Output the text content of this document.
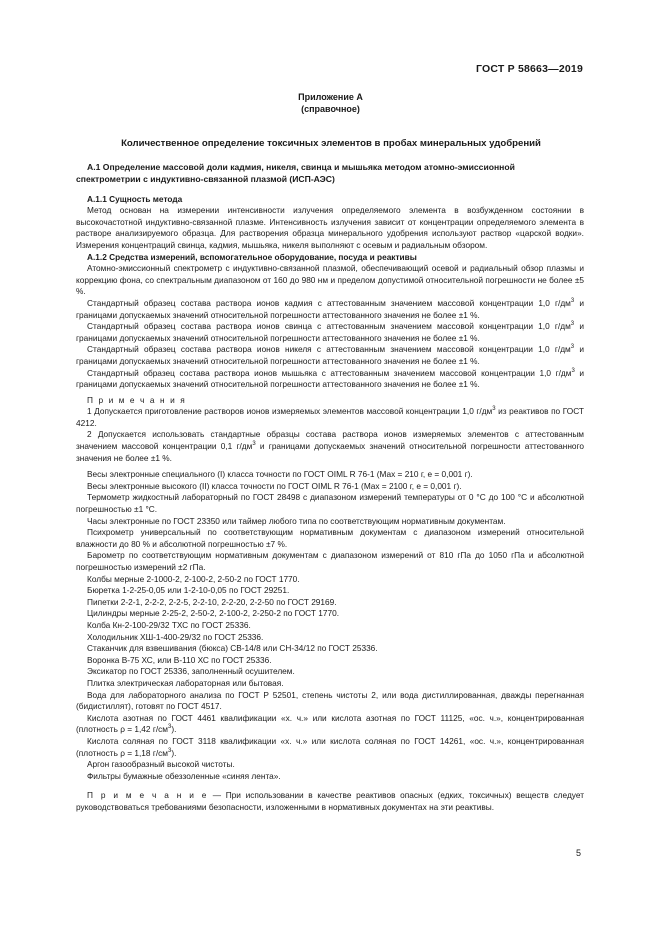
ГОСТ Р 58663—2019
Приложение А
(справочное)
Количественное определение токсичных элементов в пробах минеральных удобрений
А.1 Определение массовой доли кадмия, никеля, свинца и мышьяка методом атомно-эмиссионной
спектрометрии с индуктивно-связанной плазмой (ИСП-АЭС)
А.1.1 Сущность метода

Метод основан на измерении интенсивности излучения определяемого элемента в возбужденном состоянии в высокочастотной индуктивно-связанной плазме. Интенсивность излучения зависит от концентрации определяемого элемента в растворе анализируемого образца. Для растворения образца минерального удобрения используют раствор «царской водки». Измерения концентраций свинца, кадмия, мышьяка, никеля выполняют с осевым и радиальным обзором.

А.1.2 Средства измерений, вспомогательное оборудование, посуда и реактивы

Атомно-эмиссионный спектрометр с индуктивно-связанной плазмой, обеспечивающий осевой и радиальный обзор плазмы и коррекцию фона, со спектральным диапазоном от 160 до 980 нм и пределом допустимой относительной погрешности не более ±5 %.

Стандартный образец состава раствора ионов кадмия с аттестованным значением массовой концентрации 1,0 $г/дм^3$ и границами допускаемых значений относительной погрешности аттестованного значения не более ±1 %.

Стандартный образец состава раствора ионов свинца с аттестованным значением массовой концентрации 1,0 $г/дм^3$ и границами допускаемых значений относительной погрешности аттестованного значения не более ±1 %.

Стандартный образец состава раствора ионов никеля с аттестованным значением массовой концентрации 1,0 $г/дм^3$ и границами допускаемых значений относительной погрешности аттестованного значения не более ±1 %.

Стандартный образец состава раствора ионов мышьяка с аттестованным значением массовой концентрации 1,0 $г/дм^3$ и границами допускаемых значений относительной погрешности аттестованного значения не более ±1 %.

П р и м е ч а н и я

1 Допускается приготовление растворов ионов измеряемых элементов массовой концентрации 1,0 $г/дм^3$ из реактивов по ГОСТ 4212.

2 Допускается использовать стандартные образцы состава раствора ионов измеряемых элементов с аттестованным значением массовой концентрации 0,1 $г/дм^3$ и границами допускаемых значений относительной погрешности аттестованного значения не более ±1 %.

Весы электронные специального (I) класса точности по ГОСТ OIML R 76-1 (Max = 210 г, e = 0,001 г).

Весы электронные высокого (II) класса точности по ГОСТ OIML R 76-1 (Max = 2100 г, e = 0,001 г).

Термометр жидкостный лабораторный по ГОСТ 28498 с диапазоном измерений температуры от 0 °С до 100 °С и абсолютной погрешностью ±1 °С.

Часы электронные по ГОСТ 23350 или таймер любого типа по соответствующим нормативным документам.

Психрометр универсальный по соответствующим нормативным документам с диапазоном измерений относительной влажности до 80 % и абсолютной погрешностью ±7 %.

Барометр по соответствующим нормативным документам с диапазоном измерений от 810 гПа до 1050 гПа и абсолютной погрешностью измерений ±2 гПа.

Колбы мерные 2-1000-2, 2-100-2, 2-50-2 по ГОСТ 1770.

Бюретка 1-2-25-0,05 или 1-2-10-0,05 по ГОСТ 29251.

Пипетки 2-2-1, 2-2-2, 2-2-5, 2-2-10, 2-2-20, 2-2-50 по ГОСТ 29169.

Цилиндры мерные 2-25-2, 2-50-2, 2-100-2, 2-250-2 по ГОСТ 1770.

Колба Кн-2-100-29/32 ТХС по ГОСТ 25336.

Холодильник ХШ-1-400-29/32 по ГОСТ 25336.

Стаканчик для взвешивания (бюкса) СВ-14/8 или СН-34/12 по ГОСТ 25336.

Воронка В-75 ХС, или В-110 ХС по ГОСТ 25336.

Эксикатор по ГОСТ 25336, заполненный осушителем.

Плитка электрическая лабораторная или бытовая.

Вода для лабораторного анализа по ГОСТ Р 52501, степень чистоты 2, или вода дистиллированная, дважды перегнанная (бидистиллят), готовят по ГОСТ 4517.

Кислота азотная по ГОСТ 4461 квалификации «х. ч.» или кислота азотная по ГОСТ 11125, «ос. ч.», концентрированная (плотность ρ = 1,42 $г/см^3$).

Кислота соляная по ГОСТ 3118 квалификации «х. ч.» или кислота соляная по ГОСТ 14261, «ос. ч.», концентрированная (плотность ρ = 1,18 $г/см^3$).

Аргон газообразный высокой чистоты.

Фильтры бумажные обеззоленные «синяя лента».

П р и м е ч а н и е — При использовании в качестве реактивов опасных (едких, токсичных) веществ следует руководствоваться требованиями безопасности, изложенными в нормативных документах на эти реактивы.

5
